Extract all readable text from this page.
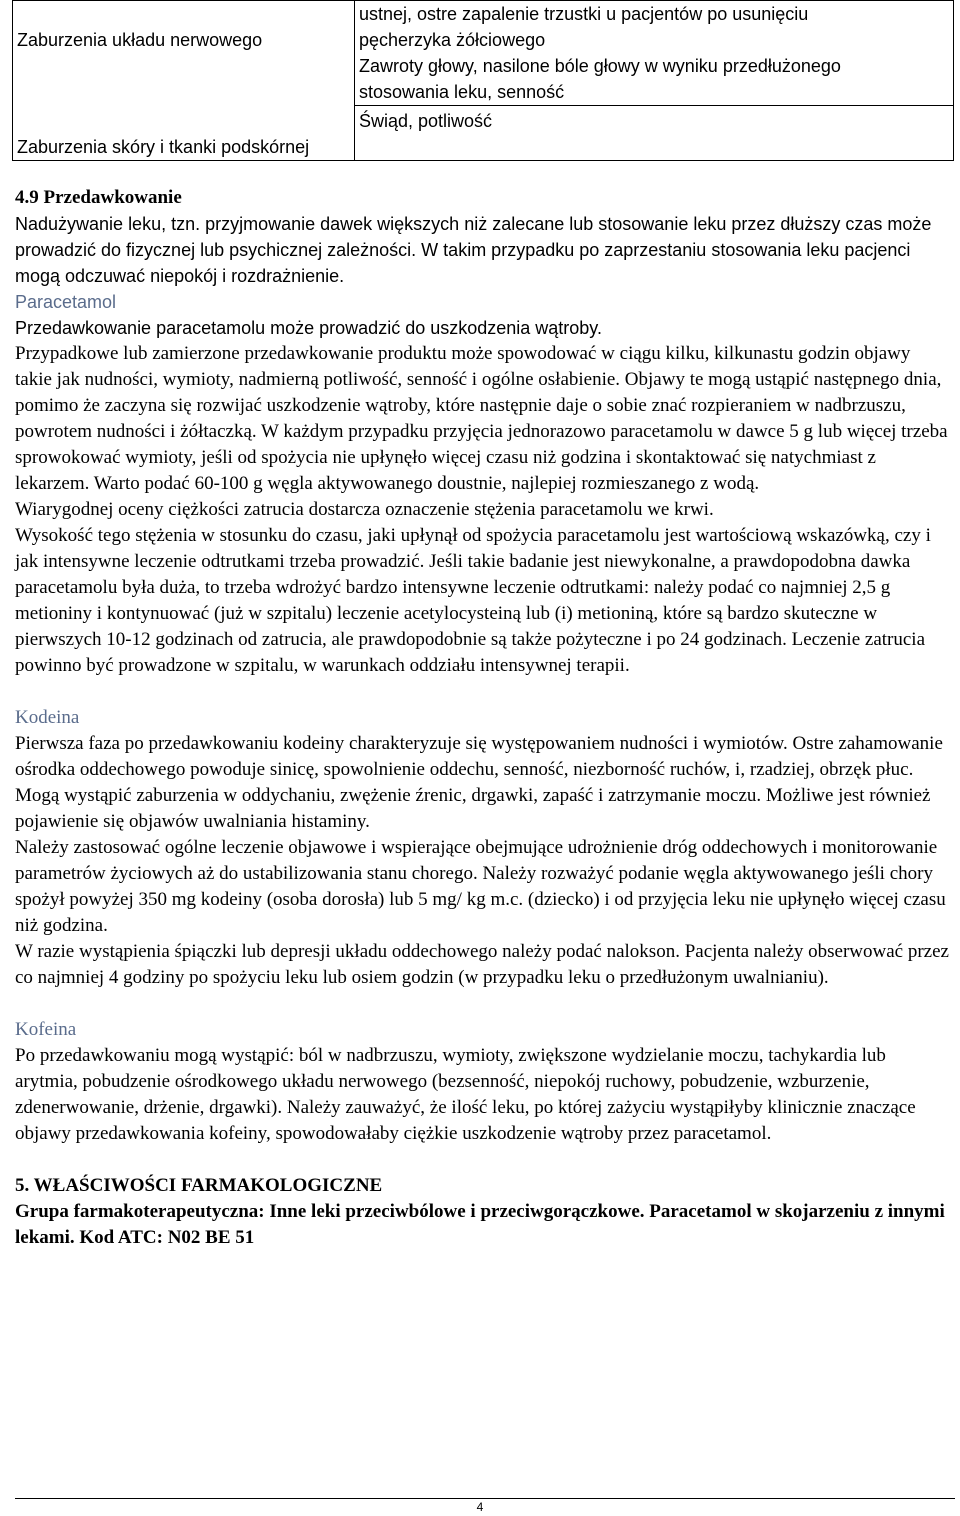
Zaburzenia układu nerwowego	ustnej, ostre zapalenie trzustki u pacjentów po usunięciu
pęcherzyka żółciowego
Zawroty głowy, nasilone bóle głowy w wyniku przedłużonego
stosowania leku, senność

Zaburzenia skóry i tkanki podskórnej	Świąd, potliwość
4.9 Przedawkowanie
Nadużywanie leku, tzn. przyjmowanie dawek większych niż zalecane lub stosowanie leku przez dłuższy czas może prowadzić do fizycznej lub psychicznej zależności. W takim przypadku po zaprzestaniu stosowania leku pacjenci mogą odczuwać niepokój i rozdrażnienie.
Paracetamol
Przedawkowanie paracetamolu może prowadzić do uszkodzenia wątroby.
Przypadkowe lub zamierzone przedawkowanie produktu może spowodować w ciągu kilku, kilkunastu godzin objawy takie jak nudności, wymioty, nadmierną potliwość, senność i ogólne osłabienie. Objawy te mogą ustąpić następnego dnia, pomimo że zaczyna się rozwijać uszkodzenie wątroby, które następnie daje o sobie znać rozpieraniem w nadbrzuszu, powrotem nudności i żółtaczką. W każdym przypadku przyjęcia jednorazowo paracetamolu w dawce 5 g lub więcej trzeba sprowokować wymioty, jeśli od spożycia nie upłynęło więcej czasu niż godzina i skontaktować się natychmiast z lekarzem. Warto podać 60-100 g węgla aktywowanego doustnie, najlepiej rozmieszanego z wodą.
Wiarygodnej oceny ciężkości zatrucia dostarcza oznaczenie stężenia paracetamolu we krwi.
Wysokość tego stężenia w stosunku do czasu, jaki upłynął od spożycia paracetamolu jest wartościową wskazówką, czy i jak intensywne leczenie odtrutkami trzeba prowadzić. Jeśli takie badanie jest niewykonalne, a prawdopodobna dawka paracetamolu była duża, to trzeba wdrożyć bardzo intensywne leczenie odtrutkami: należy podać co najmniej 2,5 g metioniny i kontynuować (już w szpitalu) leczenie acetylocysteiną lub (i) metioniną, które są bardzo skuteczne w pierwszych 10-12 godzinach od zatrucia, ale prawdopodobnie są także pożyteczne i po 24 godzinach. Leczenie zatrucia powinno być prowadzone w szpitalu, w warunkach oddziału intensywnej terapii.
Kodeina
Pierwsza faza po przedawkowaniu kodeiny charakteryzuje się występowaniem nudności i wymiotów. Ostre zahamowanie ośrodka oddechowego powoduje sinicę, spowolnienie oddechu, senność, niezborność ruchów, i, rzadziej, obrzęk płuc. Mogą wystąpić zaburzenia w oddychaniu, zwężenie źrenic, drgawki, zapaść i zatrzymanie moczu. Możliwe jest również pojawienie się objawów uwalniania histaminy.
Należy zastosować ogólne leczenie objawowe i wspierające obejmujące udrożnienie dróg oddechowych i monitorowanie parametrów życiowych aż do ustabilizowania stanu chorego. Należy rozważyć podanie węgla aktywowanego jeśli chory spożył powyżej 350 mg kodeiny (osoba dorosła) lub 5 mg/ kg m.c. (dziecko) i od przyjęcia leku nie upłynęło więcej czasu niż godzina.
W razie wystąpienia śpiączki lub depresji układu oddechowego należy podać nalokson. Pacjenta należy obserwować przez co najmniej 4 godziny po spożyciu leku lub osiem godzin (w przypadku leku o przedłużonym uwalnianiu).
Kofeina
Po przedawkowaniu mogą wystąpić: ból w nadbrzuszu, wymioty, zwiększone wydzielanie moczu, tachykardia lub arytmia, pobudzenie ośrodkowego układu nerwowego (bezsenność, niepokój ruchowy, pobudzenie, wzburzenie, zdenerwowanie, drżenie, drgawki). Należy zauważyć, że ilość leku, po której zażyciu wystąpiłyby klinicznie znaczące objawy przedawkowania kofeiny, spowodowałaby ciężkie uszkodzenie wątroby przez paracetamol.
5. WŁAŚCIWOŚCI FARMAKOLOGICZNE
Grupa farmakoterapeutyczna: Inne leki przeciwbólowe i przeciwgorączkowe. Paracetamol w skojarzeniu z innymi lekami. Kod ATC: N02 BE 51
4
